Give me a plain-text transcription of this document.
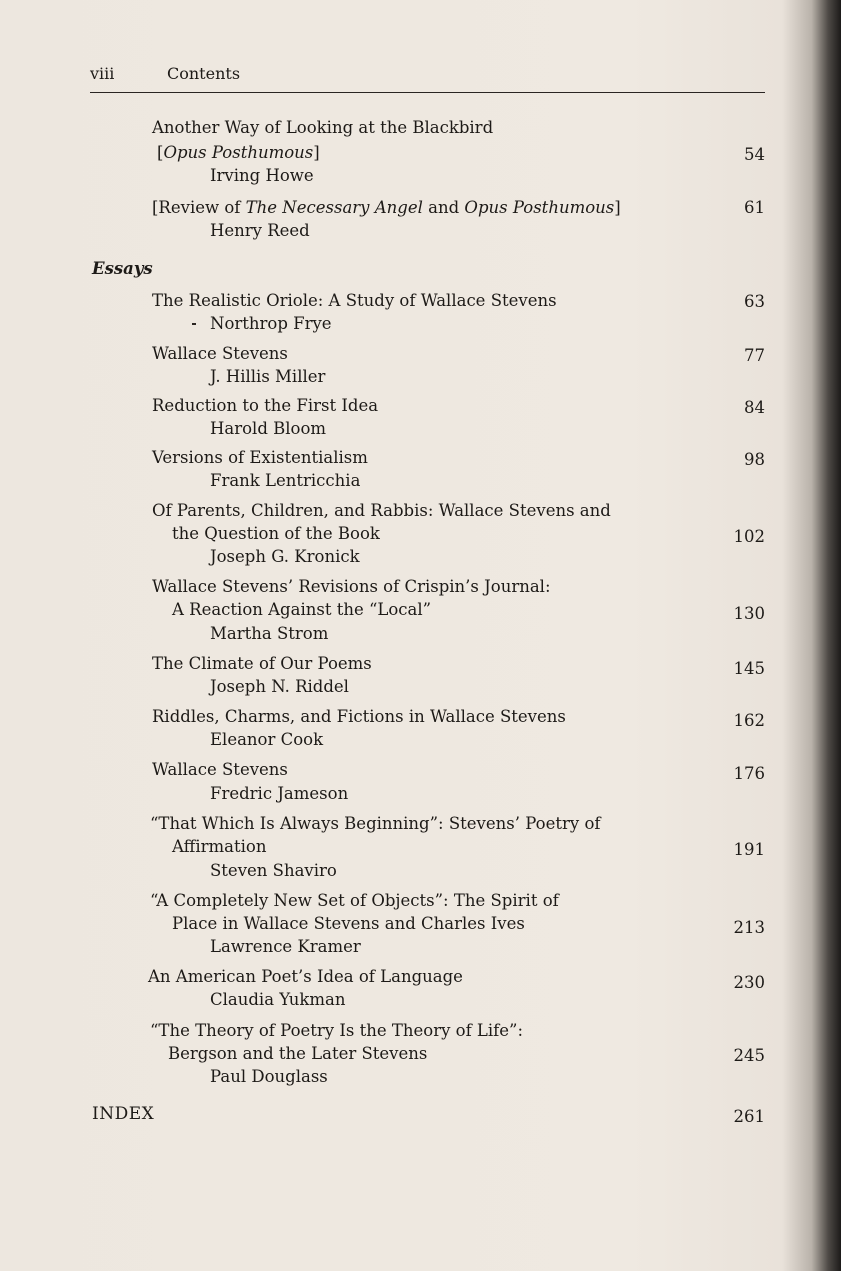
viii	Contents
Another Way of Looking at the Blackbird
[Opus Posthumous]
Irving Howe
54
[Review of The Necessary Angel and Opus Posthumous]
Henry Reed
61
Essays
The Realistic Oriole: A Study of Wallace Stevens
Northrop Frye
63
Wallace Stevens
J. Hillis Miller
77
Reduction to the First Idea
Harold Bloom
84
Versions of Existentialism
Frank Lentricchia
98
Of Parents, Children, and Rabbis: Wallace Stevens and
the Question of the Book
Joseph G. Kronick
102
Wallace Stevens’ Revisions of Crispin’s Journal:
A Reaction Against the “Local”
Martha Strom
130
The Climate of Our Poems
Joseph N. Riddel
145
Riddles, Charms, and Fictions in Wallace Stevens
Eleanor Cook
162
Wallace Stevens
Fredric Jameson
176
“That Which Is Always Beginning”: Stevens’ Poetry of
Affirmation
Steven Shaviro
191
“A Completely New Set of Objects”: The Spirit of
Place in Wallace Stevens and Charles Ives
Lawrence Kramer
213
An American Poet’s Idea of Language
Claudia Yukman
230
“The Theory of Poetry Is the Theory of Life”:
Bergson and the Later Stevens
Paul Douglass
245
INDEX	261
